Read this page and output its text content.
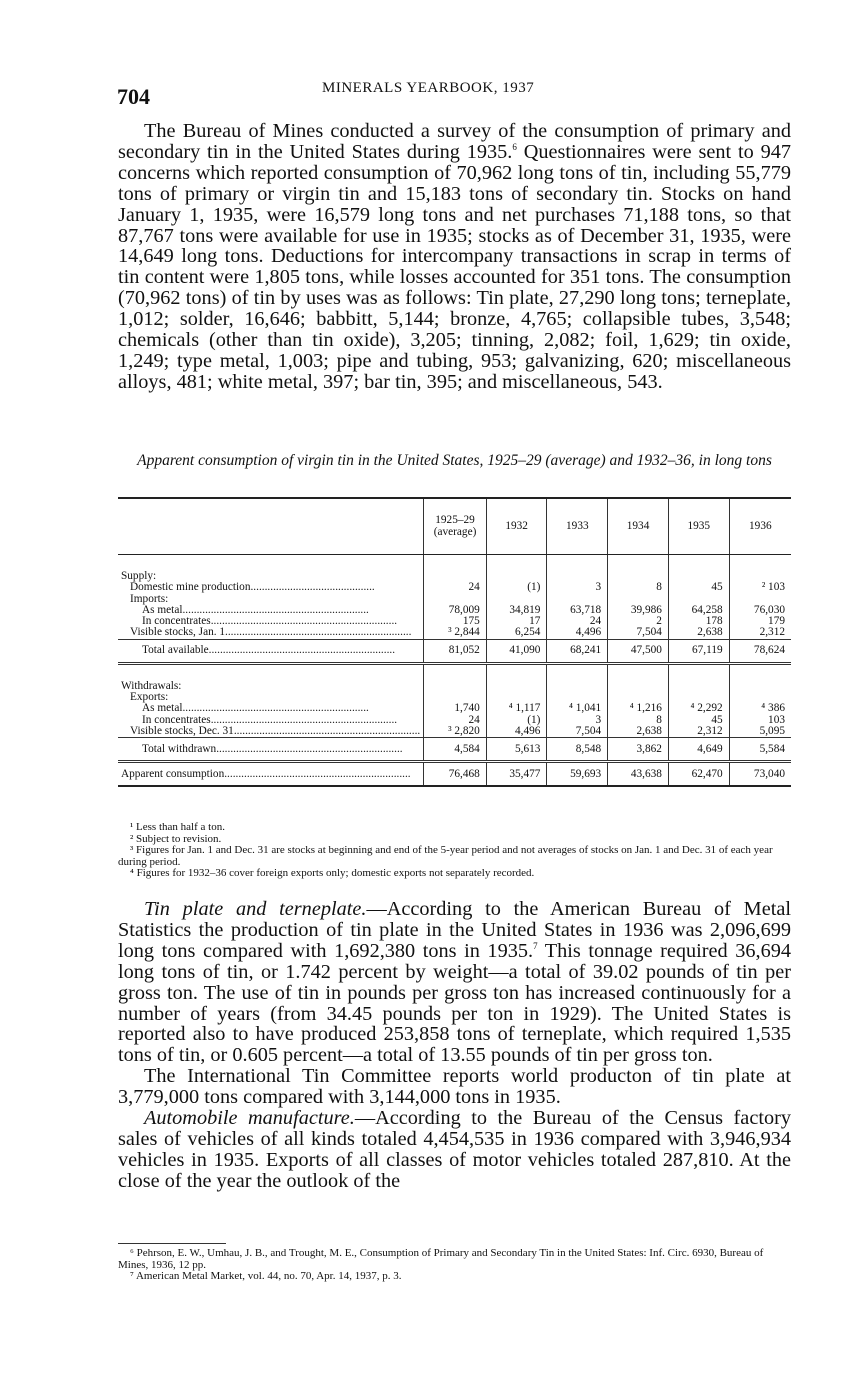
704	MINERALS YEARBOOK, 1937

The Bureau of Mines conducted a survey of the consumption of primary and secondary tin in the United States during 1935.$^6$ Questionnaires were sent to 947 concerns which reported consumption of 70,962 long tons of tin, including 55,779 tons of primary or virgin tin and 15,183 tons of secondary tin. Stocks on hand January 1, 1935, were 16,579 long tons and net purchases 71,188 tons, so that 87,767 tons were available for use in 1935; stocks as of December 31, 1935, were 14,649 long tons. Deductions for intercompany transactions in scrap in terms of tin content were 1,805 tons, while losses accounted for 351 tons. The consumption (70,962 tons) of tin by uses was as follows: Tin plate, 27,290 long tons; terneplate, 1,012; solder, 16,646; babbitt, 5,144; bronze, 4,765; collapsible tubes, 3,548; chemicals (other than tin oxide), 3,205; tinning, 2,082; foil, 1,629; tin oxide, 1,249; type metal, 1,003; pipe and tubing, 953; galvanizing, 620; miscellaneous alloys, 481; white metal, 397; bar tin, 395; and miscellaneous, 543.

Apparent consumption of virgin tin in the United States, 1925–29 (average) and 1932–36, in long tons
	1925–29 (average)	1932	1933	1934	1935	1936

Supply:						
Domestic mine production............................................	24	(1)	3	8	45	² 103
Imports:						
As metal..................................................................	78,009	34,819	63,718	39,986	64,258	76,030
In concentrates..................................................................	175	17	24	2	178	179
Visible stocks, Jan. 1..................................................................	³ 2,844	6,254	4,496	7,504	2,638	2,312
Total available..................................................................	81,052	41,090	68,241	47,500	67,119	78,624

Withdrawals:						
Exports:						
As metal..................................................................	1,740	⁴ 1,117	⁴ 1,041	⁴ 1,216	⁴ 2,292	⁴ 386
In concentrates..................................................................	24	(1)	3	8	45	103
Visible stocks, Dec. 31..................................................................	³ 2,820	4,496	7,504	2,638	2,312	5,095
Total withdrawn..................................................................	4,584	5,613	8,548	3,862	4,649	5,584
Apparent consumption..................................................................	76,468	35,477	59,693	43,638	62,470	73,040
¹ Less than half a ton.
² Subject to revision.
³ Figures for Jan. 1 and Dec. 31 are stocks at beginning and end of the 5-year period and not averages of stocks on Jan. 1 and Dec. 31 of each year during period.
⁴ Figures for 1932–36 cover foreign exports only; domestic exports not separately recorded.

Tin plate and terneplate.—According to the American Bureau of Metal Statistics the production of tin plate in the United States in 1936 was 2,096,699 long tons compared with 1,692,380 tons in 1935.$^7$ This tonnage required 36,694 long tons of tin, or 1.742 percent by weight—a total of 39.02 pounds of tin per gross ton. The use of tin in pounds per gross ton has increased continuously for a number of years (from 34.45 pounds per ton in 1929). The United States is reported also to have produced 253,858 tons of terneplate, which required 1,535 tons of tin, or 0.605 percent—a total of 13.55 pounds of tin per gross ton.

The International Tin Committee reports world producton of tin plate at 3,779,000 tons compared with 3,144,000 tons in 1935.

Automobile manufacture.—According to the Bureau of the Census factory sales of vehicles of all kinds totaled 4,454,535 in 1936 compared with 3,946,934 vehicles in 1935. Exports of all classes of motor vehicles totaled 287,810. At the close of the year the outlook of the

⁶ Pehrson, E. W., Umhau, J. B., and Trought, M. E., Consumption of Primary and Secondary Tin in the United States: Inf. Circ. 6930, Bureau of Mines, 1936, 12 pp.
⁷ American Metal Market, vol. 44, no. 70, Apr. 14, 1937, p. 3.
